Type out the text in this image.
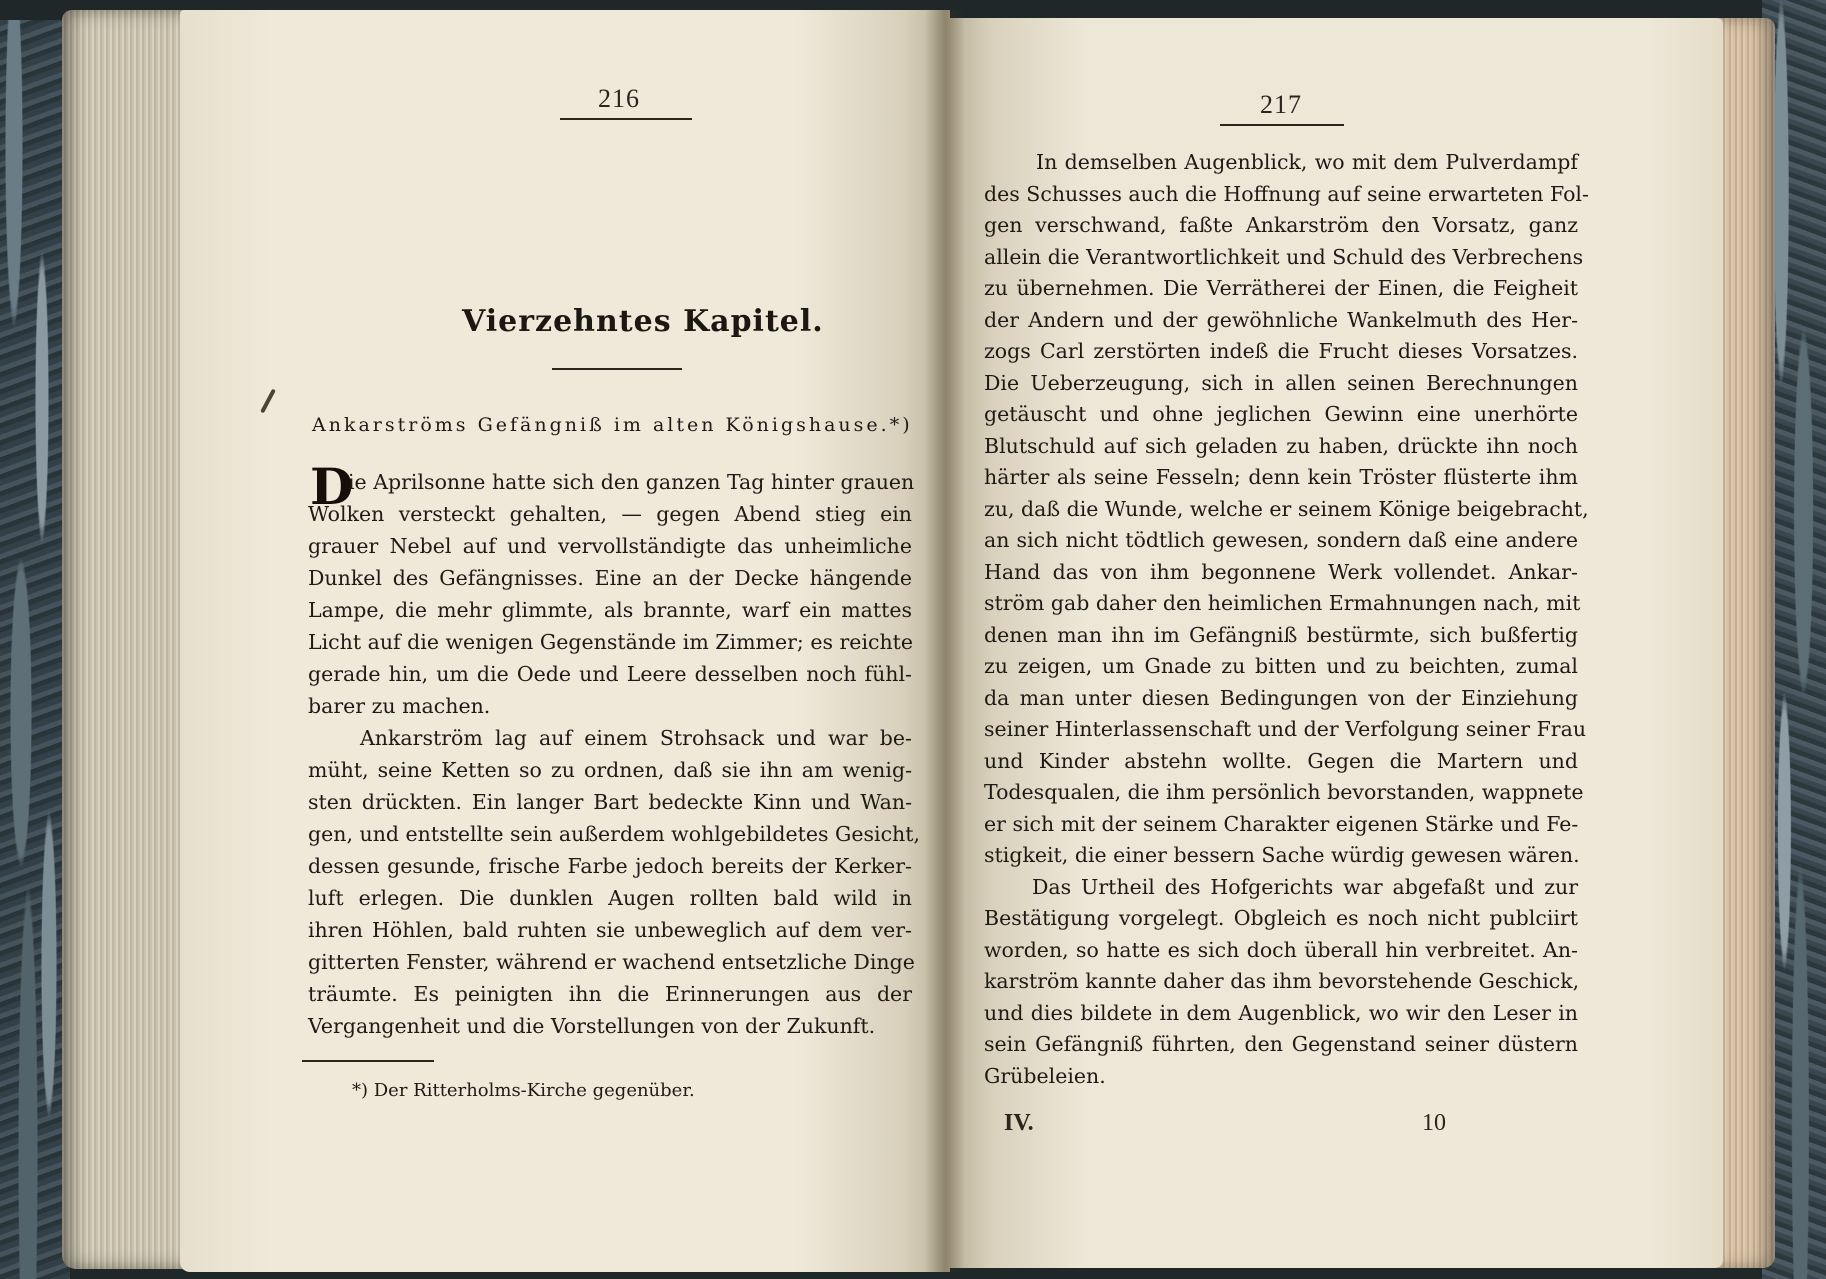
216
Vierzehntes Kapitel.
Ankarströms Gefängniß im alten Königshause.*)
D
ie Aprilsonne hatte sich den ganzen Tag hinter grauen
Wolken versteckt gehalten, — gegen Abend stieg ein
grauer Nebel auf und vervollständigte das unheimliche
Dunkel des Gefängnisses. Eine an der Decke hängende
Lampe, die mehr glimmte, als brannte, warf ein mattes
Licht auf die wenigen Gegenstände im Zimmer; es reichte
gerade hin, um die Oede und Leere desselben noch fühl-
barer zu machen.
Ankarström lag auf einem Strohsack und war be-
müht, seine Ketten so zu ordnen, daß sie ihn am wenig-
sten drückten. Ein langer Bart bedeckte Kinn und Wan-
gen, und entstellte sein außerdem wohlgebildetes Gesicht,
dessen gesunde, frische Farbe jedoch bereits der Kerker-
luft erlegen. Die dunklen Augen rollten bald wild in
ihren Höhlen, bald ruhten sie unbeweglich auf dem ver-
gitterten Fenster, während er wachend entsetzliche Dinge
träumte. Es peinigten ihn die Erinnerungen aus der
Vergangenheit und die Vorstellungen von der Zukunft.
*) Der Ritterholms-Kirche gegenüber.
217
In demselben Augenblick, wo mit dem Pulverdampf
des Schusses auch die Hoffnung auf seine erwarteten Fol-
gen verschwand, faßte Ankarström den Vorsatz, ganz
allein die Verantwortlichkeit und Schuld des Verbrechens
zu übernehmen. Die Verrätherei der Einen, die Feigheit
der Andern und der gewöhnliche Wankelmuth des Her-
zogs Carl zerstörten indeß die Frucht dieses Vorsatzes.
Die Ueberzeugung, sich in allen seinen Berechnungen
getäuscht und ohne jeglichen Gewinn eine unerhörte
Blutschuld auf sich geladen zu haben, drückte ihn noch
härter als seine Fesseln; denn kein Tröster flüsterte ihm
zu, daß die Wunde, welche er seinem Könige beigebracht,
an sich nicht tödtlich gewesen, sondern daß eine andere
Hand das von ihm begonnene Werk vollendet. Ankar-
ström gab daher den heimlichen Ermahnungen nach, mit
denen man ihn im Gefängniß bestürmte, sich bußfertig
zu zeigen, um Gnade zu bitten und zu beichten, zumal
da man unter diesen Bedingungen von der Einziehung
seiner Hinterlassenschaft und der Verfolgung seiner Frau
und Kinder abstehn wollte. Gegen die Martern und
Todesqualen, die ihm persönlich bevorstanden, wappnete
er sich mit der seinem Charakter eigenen Stärke und Fe-
stigkeit, die einer bessern Sache würdig gewesen wären.
Das Urtheil des Hofgerichts war abgefaßt und zur
Bestätigung vorgelegt. Obgleich es noch nicht publciirt
worden, so hatte es sich doch überall hin verbreitet. An-
karström kannte daher das ihm bevorstehende Geschick,
und dies bildete in dem Augenblick, wo wir den Leser in
sein Gefängniß führten, den Gegenstand seiner düstern
Grübeleien.
IV.	10
